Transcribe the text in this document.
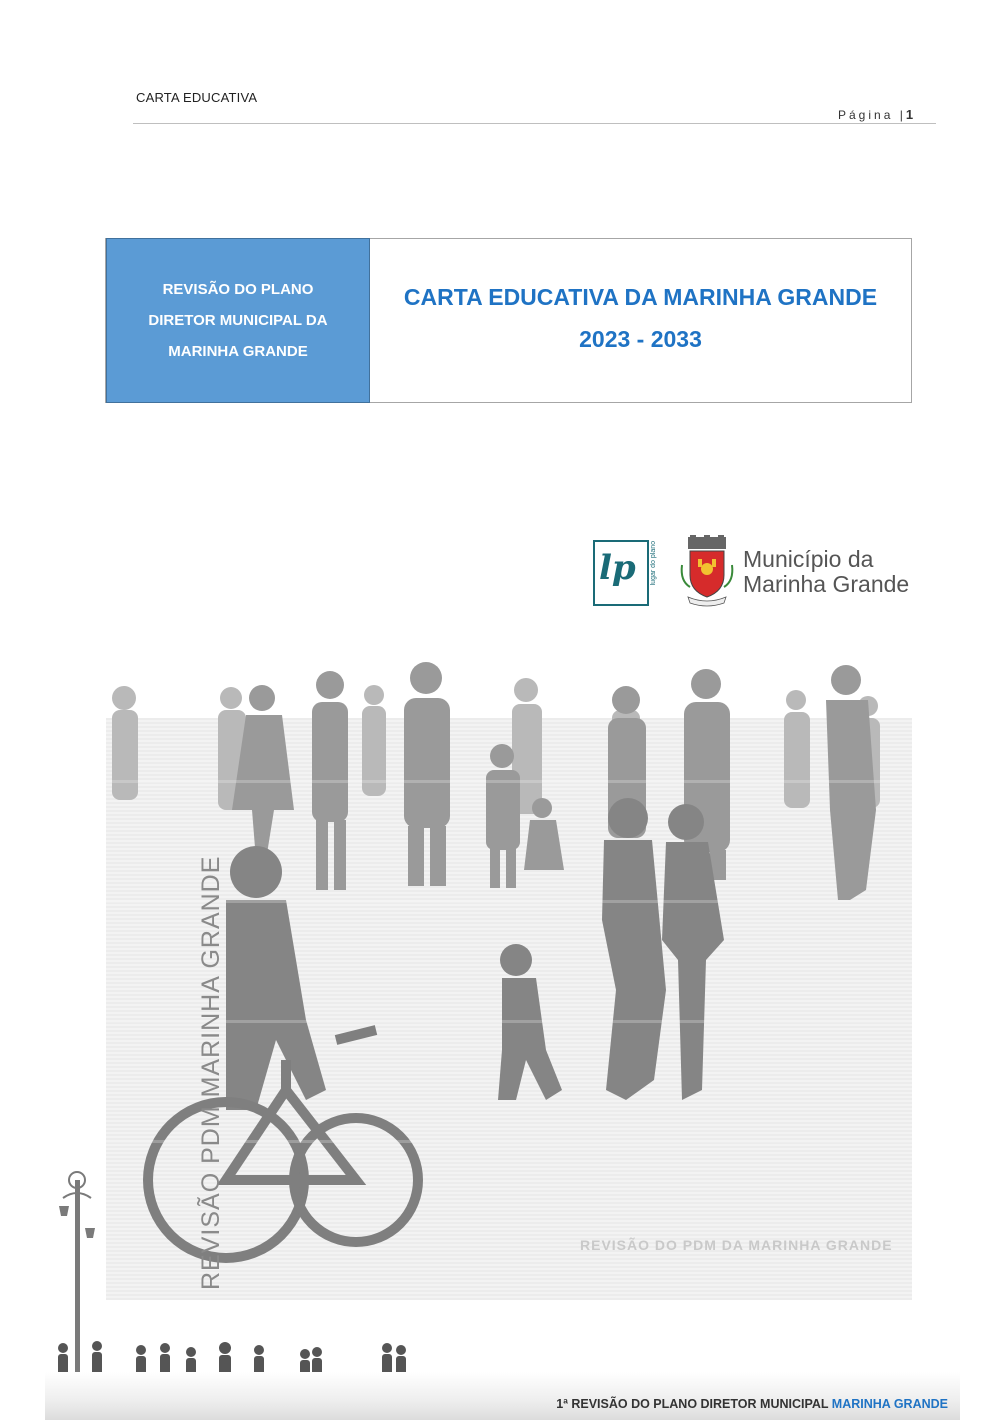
CARTA EDUCATIVA
Página |1
REVISÃO DO PLANO DIRETOR MUNICIPAL DA MARINHA GRANDE
CARTA EDUCATIVA DA MARINHA GRANDE
2023 - 2033
lp lugar do plano	Município da
Marinha Grande
REVISÃO PDM MARINHA GRANDE	REVISÃO DO PDM DA MARINHA GRANDE
1ª REVISÃO DO PLANO DIRETOR MUNICIPAL MARINHA GRANDE
